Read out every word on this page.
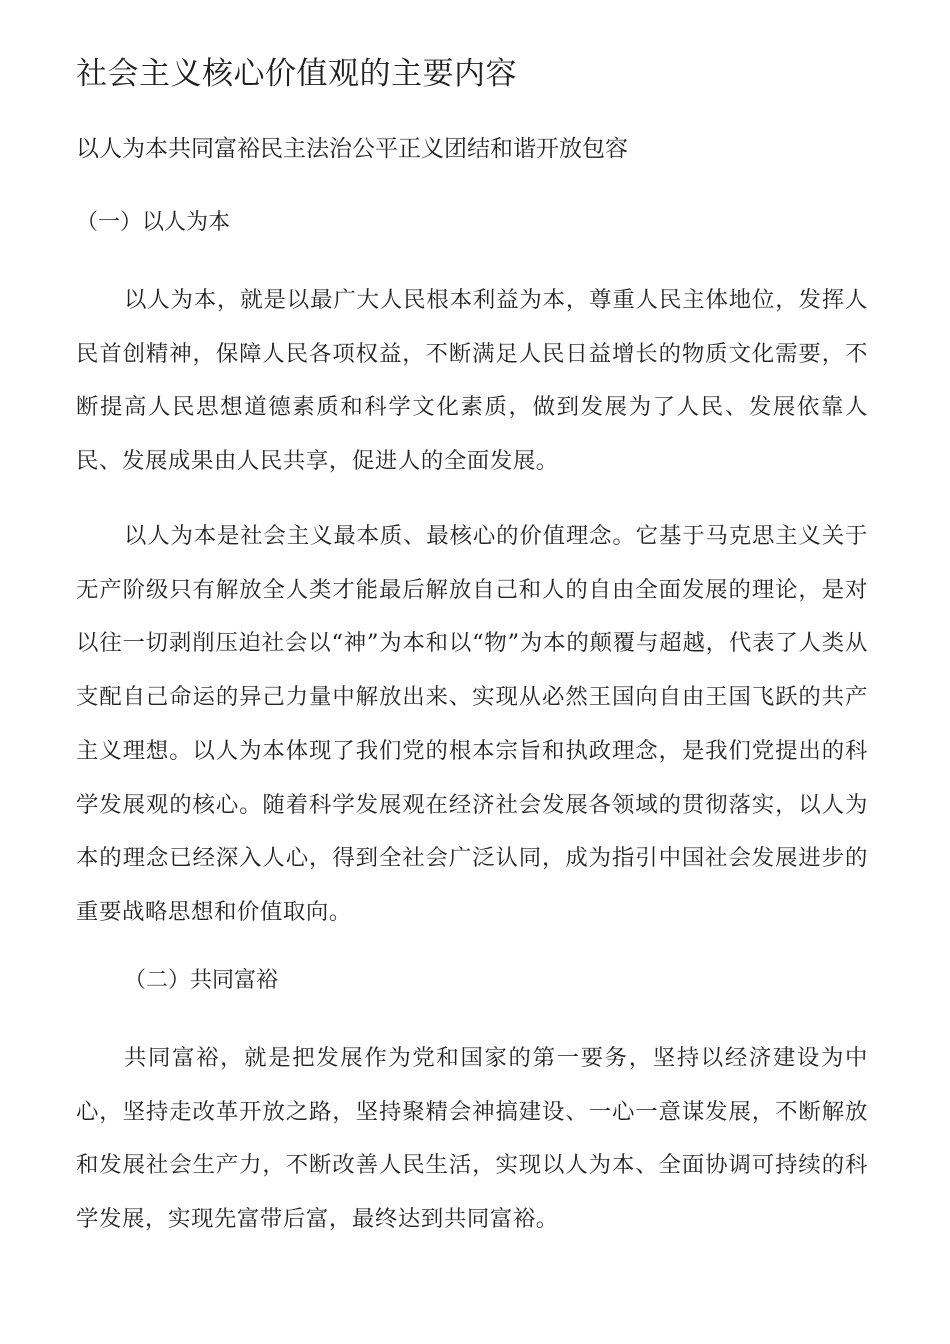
社会主义核心价值观的主要内容

以人为本共同富裕民主法治公平正义团结和谐开放包容

（一）以人为本

以人为本，就是以最广大人民根本利益为本，尊重人民主体地位，发挥人民首创精神，保障人民各项权益，不断满足人民日益增长的物质文化需要，不断提高人民思想道德素质和科学文化素质，做到发展为了人民、发展依靠人民、发展成果由人民共享，促进人的全面发展。

以人为本是社会主义最本质、最核心的价值理念。它基于马克思主义关于无产阶级只有解放全人类才能最后解放自己和人的自由全面发展的理论，是对以往一切剥削压迫社会以“神”为本和以“物”为本的颠覆与超越，代表了人类从支配自己命运的异己力量中解放出来、实现从必然王国向自由王国飞跃的共产主义理想。以人为本体现了我们党的根本宗旨和执政理念，是我们党提出的科学发展观的核心。随着科学发展观在经济社会发展各领域的贯彻落实，以人为本的理念已经深入人心，得到全社会广泛认同，成为指引中国社会发展进步的重要战略思想和价值取向。

（二）共同富裕

共同富裕，就是把发展作为党和国家的第一要务，坚持以经济建设为中心，坚持走改革开放之路，坚持聚精会神搞建设、一心一意谋发展，不断解放和发展社会生产力，不断改善人民生活，实现以人为本、全面协调可持续的科学发展，实现先富带后富，最终达到共同富裕。
